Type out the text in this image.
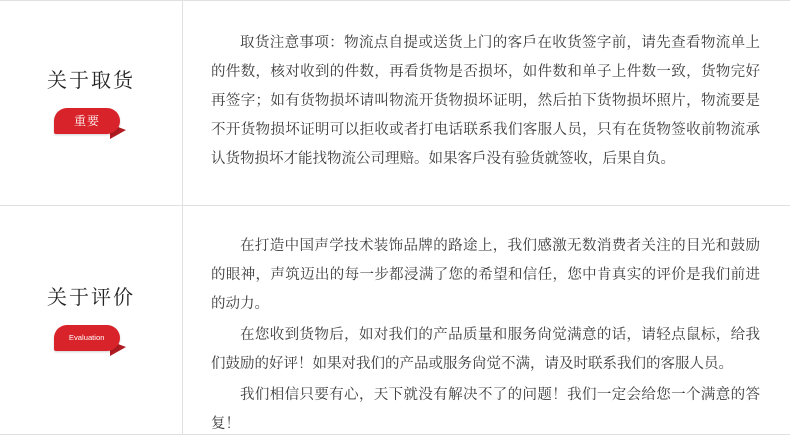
关于取货
重要

取货注意事项：物流点自提或送货上门的客戶在收货签字前，请先查看物流单上的件数，核对收到的件数，再看货物是否损坏，如件数和单子上件数一致，货物完好再签字；如有货物损坏请叫物流开货物损坏证明，然后拍下货物损坏照片，物流要是不开货物损坏证明可以拒收或者打电话联系我们客服人员，只有在货物签收前物流承认货物损坏才能找物流公司理赔。如果客戶没有验货就签收，后果自负。

关于评价
Evaluation

在打造中国声学技术装饰品牌的路途上，我们感激无数消费者关注的目光和鼓励的眼神，声筑迈出的每一步都浸满了您的希望和信任，您中肯真实的评价是我们前进的动力。

在您收到货物后，如对我们的产品质量和服务尙觉满意的话，请轻点鼠标，给我们鼓励的好评！如果对我们的产品或服务尙觉不满，请及时联系我们的客服人员。

我们相信只要有心，天下就没有解决不了的问题！我们一定会给您一个满意的答复！
